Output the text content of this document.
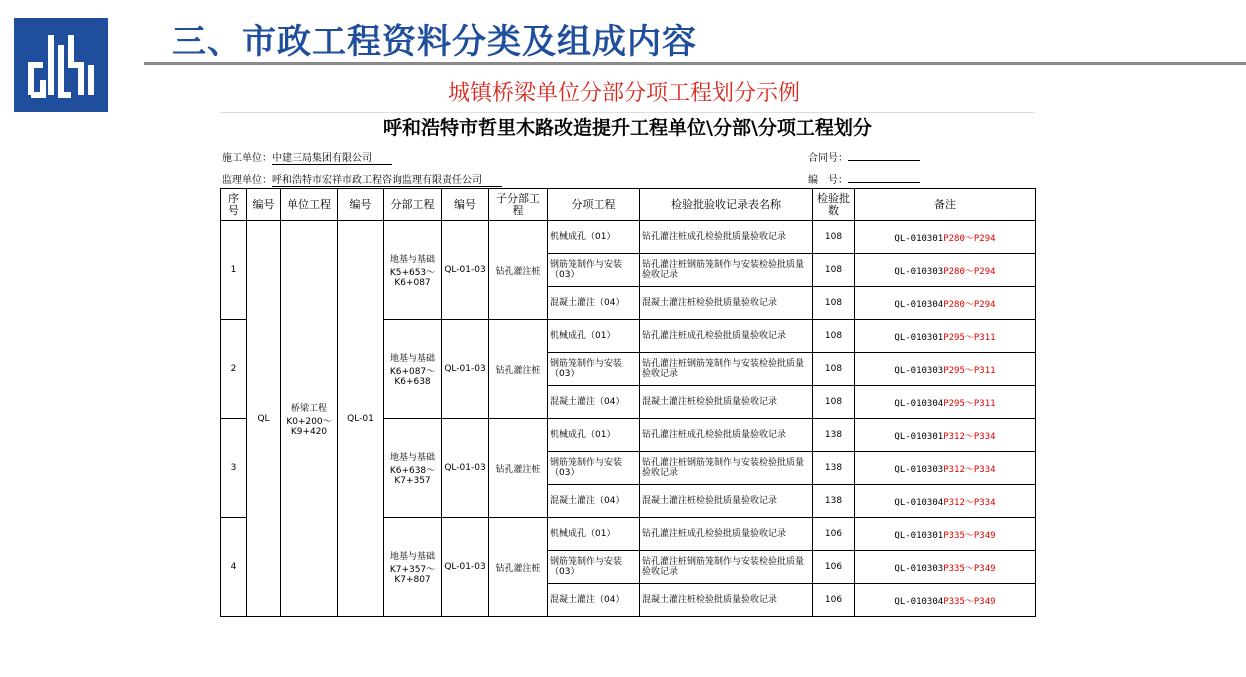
三、市政工程资料分类及组成内容
城镇桥梁单位分部分项工程划分示例
呼和浩特市哲里木路改造提升工程单位\分部\分项工程划分
施工单位：中建三局集团有限公司	合同号：
监理单位：呼和浩特市宏祥市政工程咨询监理有限责任公司	编　号：
序号	编号	单位工程	编号	分部工程	编号	子分部工程	分项工程	检验批验收记录表名称	检验批数	备注
1	QL	桥梁工程 K0+200～K9+420	QL-01	地基与基础 K5+653～K6+087	QL-01-03	钻孔灌注桩	机械成孔（01）	钻孔灌注桩成孔检验批质量验收记录	108	QL-010301P280～P294
							钢筋笼制作与安装（03）	钻孔灌注桩钢筋笼制作与安装检验批质量验收记录	108	QL-010303P280～P294
							混凝土灌注（04）	混凝土灌注桩检验批质量验收记录	108	QL-010304P280～P294
2				地基与基础 K6+087～K6+638	QL-01-03	钻孔灌注桩	机械成孔（01）	钻孔灌注桩成孔检验批质量验收记录	108	QL-010301P295～P311
							钢筋笼制作与安装（03）	钻孔灌注桩钢筋笼制作与安装检验批质量验收记录	108	QL-010303P295～P311
							混凝土灌注（04）	混凝土灌注桩检验批质量验收记录	108	QL-010304P295～P311
3				地基与基础 K6+638～K7+357	QL-01-03	钻孔灌注桩	机械成孔（01）	钻孔灌注桩成孔检验批质量验收记录	138	QL-010301P312～P334
							钢筋笼制作与安装（03）	钻孔灌注桩钢筋笼制作与安装检验批质量验收记录	138	QL-010303P312～P334
							混凝土灌注（04）	混凝土灌注桩检验批质量验收记录	138	QL-010304P312～P334
4				地基与基础 K7+357～K7+807	QL-01-03	钻孔灌注桩	机械成孔（01）	钻孔灌注桩成孔检验批质量验收记录	106	QL-010301P335～P349
							钢筋笼制作与安装（03）	钻孔灌注桩钢筋笼制作与安装检验批质量验收记录	106	QL-010303P335～P349
							混凝土灌注（04）	混凝土灌注桩检验批质量验收记录	106	QL-010304P335～P349
